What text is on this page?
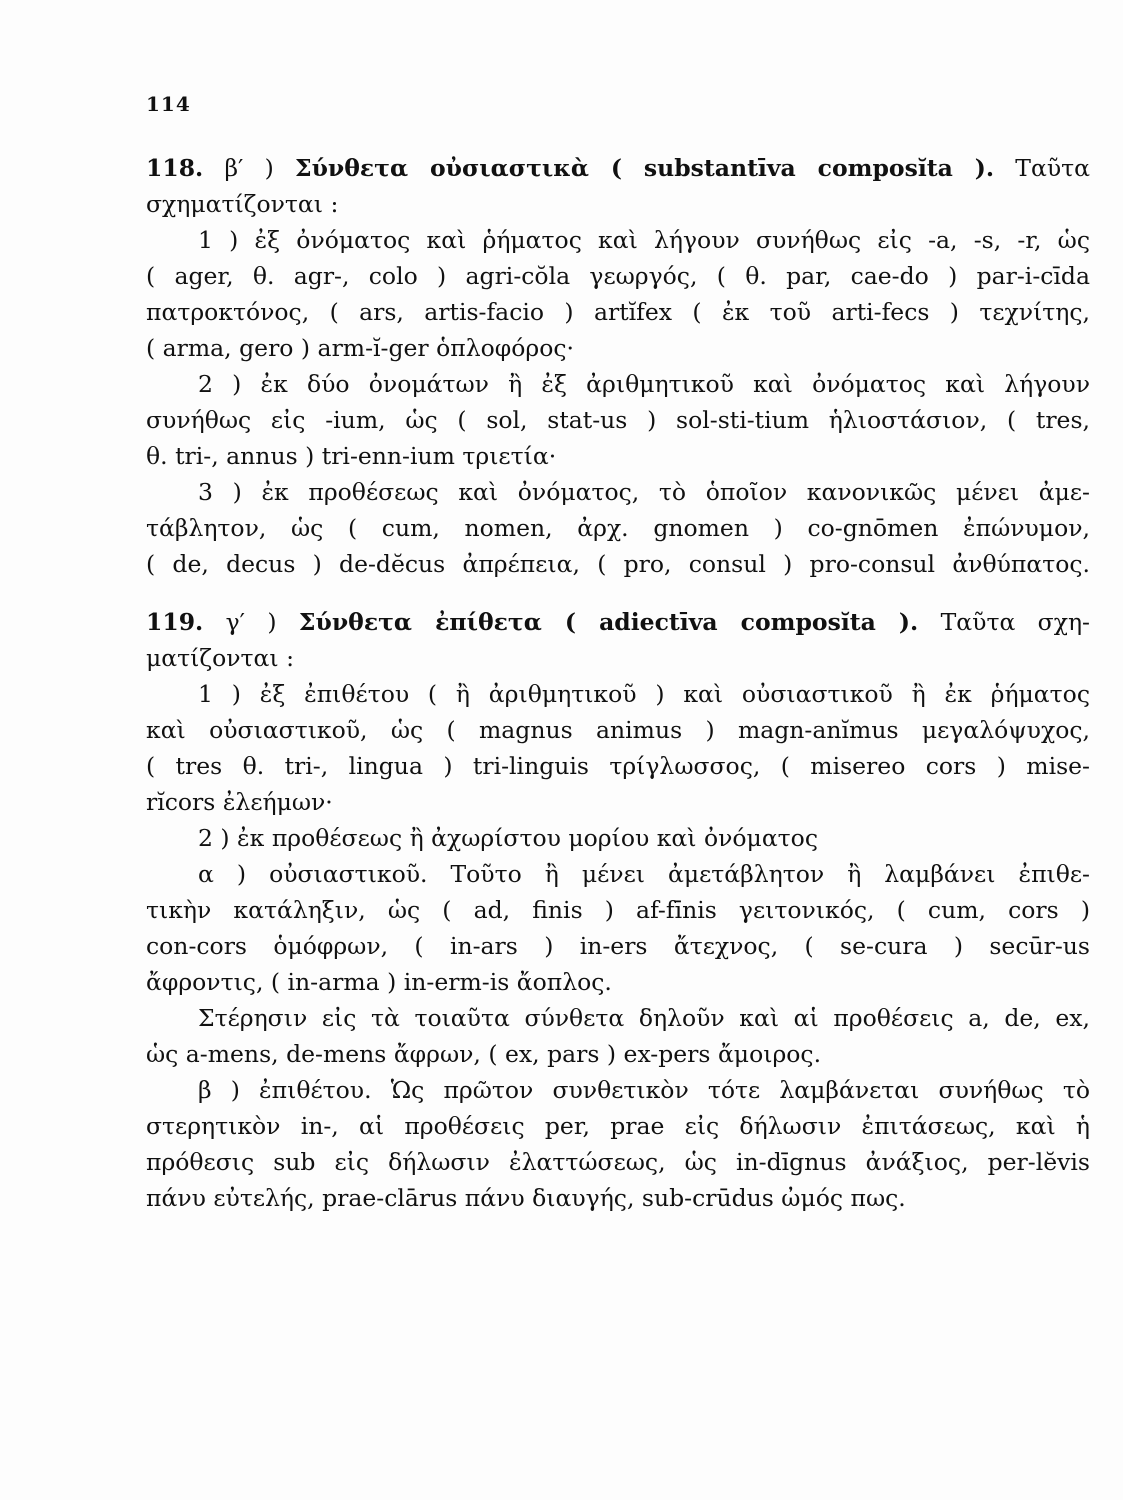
114
118. β′ ) Σύνθετα οὐσιαστικὰ ( substantīva composĭta ). Ταῦτα
σχηματίζονται :
1 ) ἐξ ὀνόματος καὶ ῥήματος καὶ λήγουν συνήθως εἰς -a, -s, -r, ὡς
( ager, θ. agr-, colo ) agri-cŏla γεωργός, ( θ. par, cae-do ) par-i-cīda
πατροκτόνος, ( ars, artis-facio ) artĭfex ( ἐκ τοῦ arti-fecs ) τεχνίτης,
( arma, gero ) arm-ĭ-ger ὁπλοφόρος·
2 ) ἐκ δύο ὀνομάτων ἢ ἐξ ἀριθμητικοῦ καὶ ὀνόματος καὶ λήγουν
συνήθως εἰς -ium, ὡς ( sol, stat-us ) sol-sti-tium ἡλιοστάσιον, ( tres,
θ. tri-, annus ) tri-enn-ium τριετία·
3 ) ἐκ προθέσεως καὶ ὀνόματος, τὸ ὁποῖον κανονικῶς μένει ἀμε-
τάβλητον, ὡς ( cum, nomen, ἀρχ. gnomen ) co-gnōmen ἐπώνυμον,
( de, decus ) de-dĕcus ἀπρέπεια, ( pro, consul ) pro-consul ἀνθύπατος.
119. γ′ ) Σύνθετα ἐπίθετα ( adiectīva composĭta ). Ταῦτα σχη-
ματίζονται :
1 ) ἐξ ἐπιθέτου ( ἢ ἀριθμητικοῦ ) καὶ οὐσιαστικοῦ ἢ ἐκ ῥήματος
καὶ οὐσιαστικοῦ, ὡς ( magnus animus ) magn-anĭmus μεγαλόψυχος,
( tres θ. tri-, lingua ) tri-linguis τρίγλωσσος, ( misereo cors ) mise-
rĭcors ἐλεήμων·
2 ) ἐκ προθέσεως ἢ ἀχωρίστου μορίου καὶ ὀνόματος
α ) οὐσιαστικοῦ. Τοῦτο ἢ μένει ἀμετάβλητον ἢ λαμβάνει ἐπιθε-
τικὴν κατάληξιν, ὡς ( ad, finis ) af-fīnis γειτονικός, ( cum, cors )
con-cors ὁμόφρων, ( in-ars ) in-ers ἄτεχνος, ( se-cura ) secūr-us
ἄφροντις, ( in-arma ) in-erm-is ἄοπλος.
Στέρησιν εἰς τὰ τοιαῦτα σύνθετα δηλοῦν καὶ αἱ προθέσεις a, de, ex,
ὡς a-mens, de-mens ἄφρων, ( ex, pars ) ex-pers ἄμοιρος.
β ) ἐπιθέτου. Ὡς πρῶτον συνθετικὸν τότε λαμβάνεται συνήθως τὸ
στερητικὸν in-, αἱ προθέσεις per, prae εἰς δήλωσιν ἐπιτάσεως, καὶ ἡ
πρόθεσις sub εἰς δήλωσιν ἐλαττώσεως, ὡς in-dīgnus ἀνάξιος, per-lĕvis
πάνυ εὐτελής, prae-clārus πάνυ διαυγής, sub-crūdus ὠμός πως.
